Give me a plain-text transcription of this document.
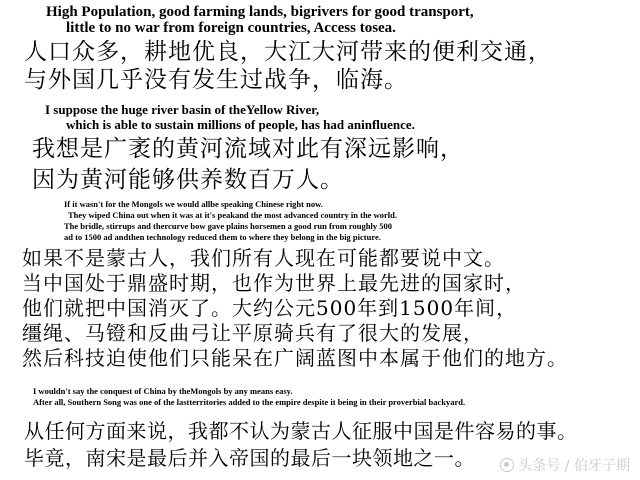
High Population, good farming lands, bigrivers for good transport,
little to no war from foreign countries, Access tosea.
人口众多，耕地优良，大江大河带来的便利交通，
与外国几乎没有发生过战争，临海。
I suppose the huge river basin of theYellow River,
which is able to sustain millions of people, has had aninfluence.
我想是广袤的黄河流域对此有深远影响，
因为黄河能够供养数百万人。
If it wasn't for the Mongols we would allbe speaking Chinese right now.
They wiped China out when it was at it's peakand the most advanced country in the world.
The bridle, stirrups and thercurve bow gave plains horsemen a good run from roughly 500
ad to 1500 ad andthen technology reduced them to where they belong in the big picture.
如果不是蒙古人，我们所有人现在可能都要说中文。
当中国处于鼎盛时期，也作为世界上最先进的国家时，
他们就把中国消灭了。大约公元500年到1500年间，
缰绳、马镫和反曲弓让平原骑兵有了很大的发展，
然后科技迫使他们只能呆在广阔蓝图中本属于他们的地方。
I wouldn't say the conquest of China by theMongols by any means easy.
After all, Southern Song was one of the lastterritories added to the empire despite it being in their proverbial backyard.
从任何方面来说，我都不认为蒙古人征服中国是件容易的事。
毕竟，南宋是最后并入帝国的最后一块领地之一。	头条号 / 伯牙子期
